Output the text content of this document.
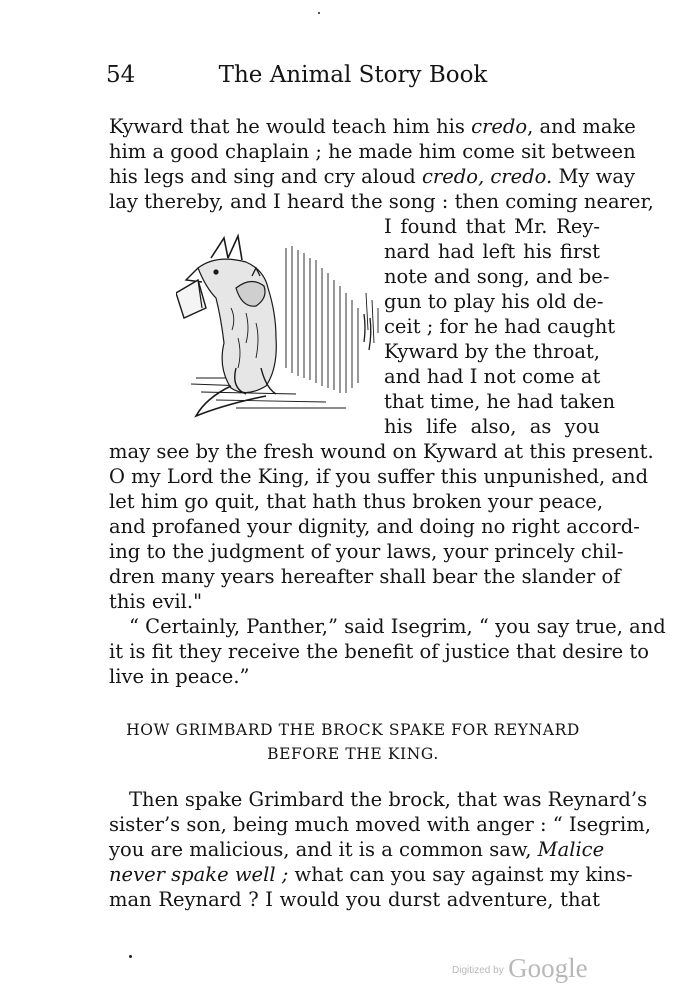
54	The Animal Story Book
Kyward that he would teach him his credo, and make
him a good chaplain ; he made him come sit between
his legs and sing and cry aloud credo, credo. My way
lay thereby, and I heard the song : then coming nearer,
I found that Mr. Rey-
nard had left his first
note and song, and be-
gun to play his old de-
ceit ; for he had caught
Kyward by the throat,
and had I not come at
that time, he had taken
his life also, as you
may see by the fresh wound on Kyward at this present.
O my Lord the King, if you suffer this unpunished, and
let him go quit, that hath thus broken your peace,
and profaned your dignity, and doing no right accord-
ing to the judgment of your laws, your princely chil-
dren many years hereafter shall bear the slander of
this evil."
“ Certainly, Panther,” said Isegrim, “ you say true, and
it is fit they receive the benefit of justice that desire to
live in peace.”
HOW GRIMBARD THE BROCK SPAKE FOR REYNARD
BEFORE THE KING.
Then spake Grimbard the brock, that was Reynard’s
sister’s son, being much moved with anger : “ Isegrim,
you are malicious, and it is a common saw, Malice
never spake well ; what can you say against my kins-
man Reynard ? I would you durst adventure, that
$^{Digitized by}$ Google
